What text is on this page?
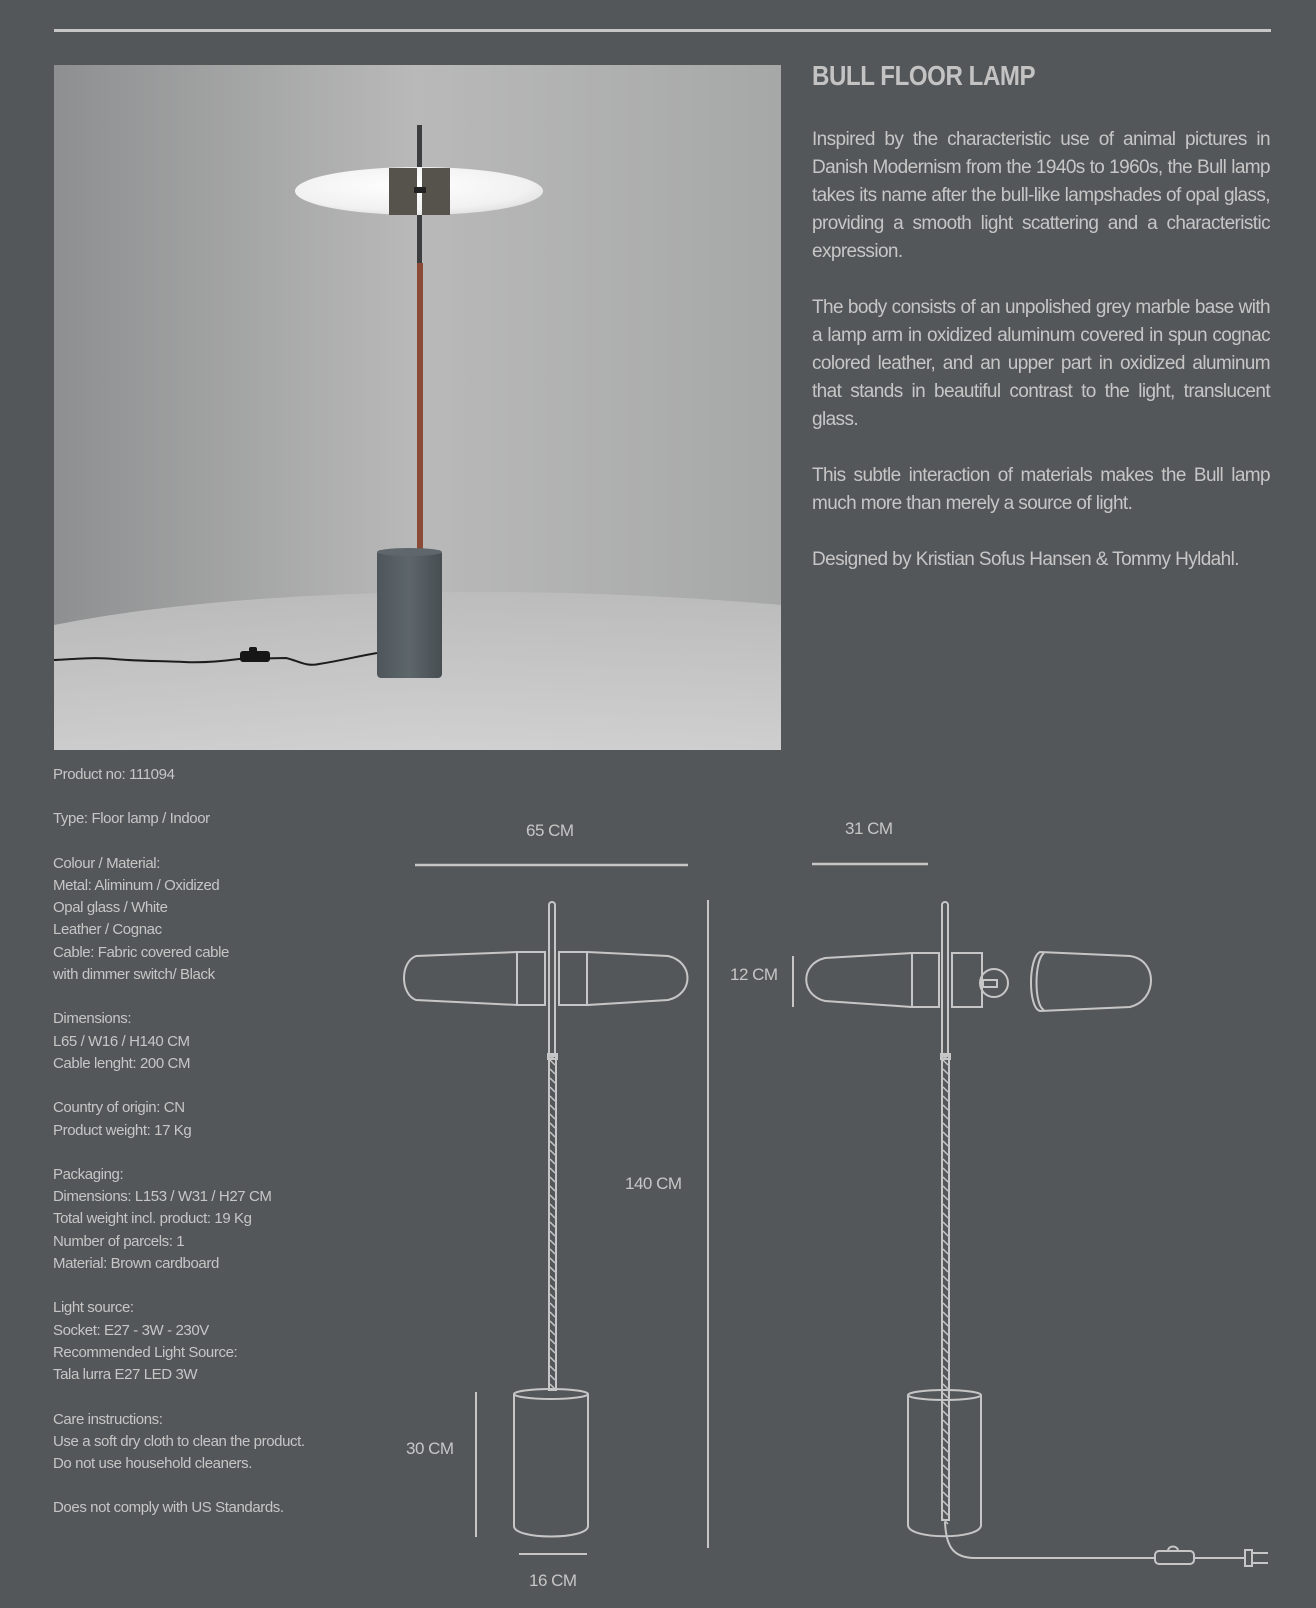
BULL FLOOR LAMP

Inspired by the characteristic use of animal pictures in Danish Modernism from the 1940s to 1960s, the Bull lamp takes its name after the bull-like lampshades of opal glass, providing a smooth light scattering and a characteristic expression.

The body consists of an unpolished grey marble base with a lamp arm in oxidized aluminum covered in spun cognac colored leather, and an upper part in oxidized aluminum that stands in beautiful contrast to the light, translucent glass.

This subtle interaction of materials makes the Bull lamp much more than merely a source of light.

Designed by Kristian Sofus Hansen & Tommy Hyldahl.

Product no: 111094
Type: Floor lamp / Indoor
Colour / Material:
Metal: Aliminum / Oxidized
Opal glass / White
Leather / Cognac
Cable: Fabric covered cable
with dimmer switch/ Black
Dimensions:
L65 / W16 / H140 CM
Cable lenght: 200 CM
Country of origin: CN
Product weight: 17 Kg
Packaging:
Dimensions: L153 / W31 / H27 CM
Total weight incl. product: 19 Kg
Number of parcels: 1
Material: Brown cardboard
Light source:
Socket: E27 - 3W - 230V
Recommended Light Source:
Tala lurra E27 LED 3W
Care instructions:
Use a soft dry cloth to clean the product.
Do not use household cleaners.
Does not comply with US Standards.
65 CM	31 CM
12 CM
140 CM
30 CM
16 CM
